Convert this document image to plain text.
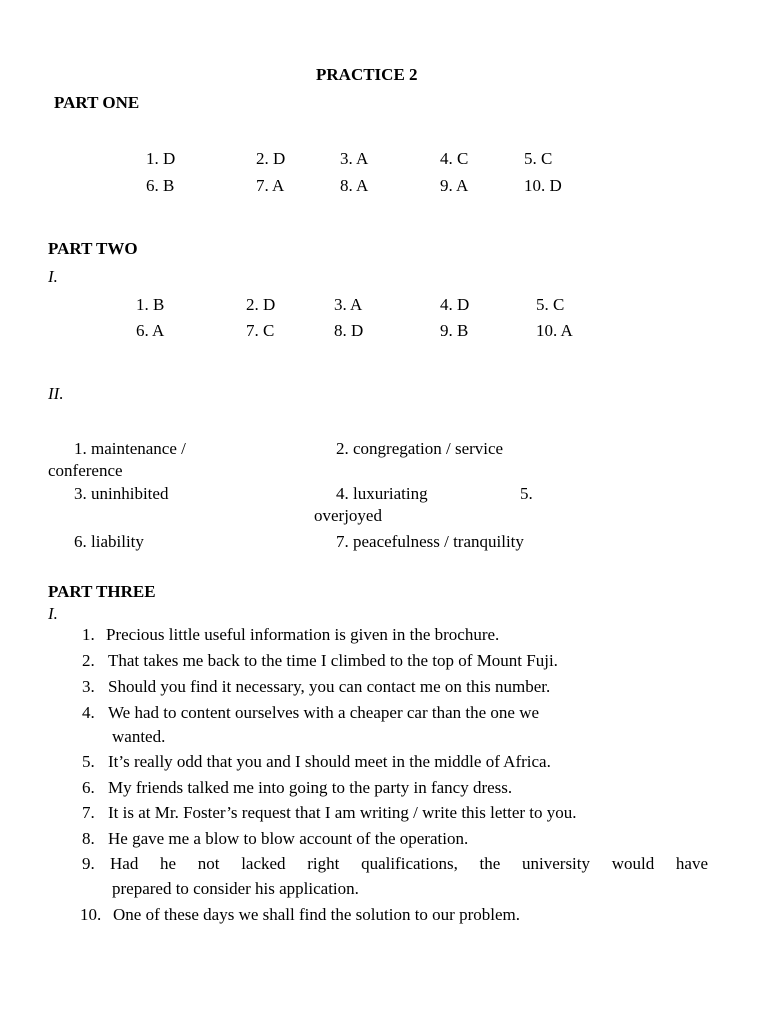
PRACTICE 2
PART ONE
1. D	2. D	3. A	4. C	5. C
6. B	7. A	8. A	9. A	10. D
PART TWO
I.
1. B	2. D	3. A	4. D	5. C
6. A	7. C	8. D	9. B	10. A
II.
1. maintenance /	2. congregation / service
conference
3. uninhibited	4. luxuriating	5.
overjoyed
6. liability	7. peacefulness / tranquility
PART THREE
I.
1. Precious little useful information is given in the brochure.
2. That takes me back to the time I climbed to the top of Mount Fuji.
3. Should you find it necessary, you can contact me on this number.
4. We had to content ourselves with a cheaper car than the one we
wanted.
5. It’s really odd that you and I should meet in the middle of Africa.
6. My friends talked me into going to the party in fancy dress.
7. It is at Mr. Foster’s request that I am writing / write this letter to you.
8. He gave me a blow to blow account of the operation.
9. Had he not lacked right qualifications, the university would have
prepared to consider his application.
10. One of these days we shall find the solution to our problem.
